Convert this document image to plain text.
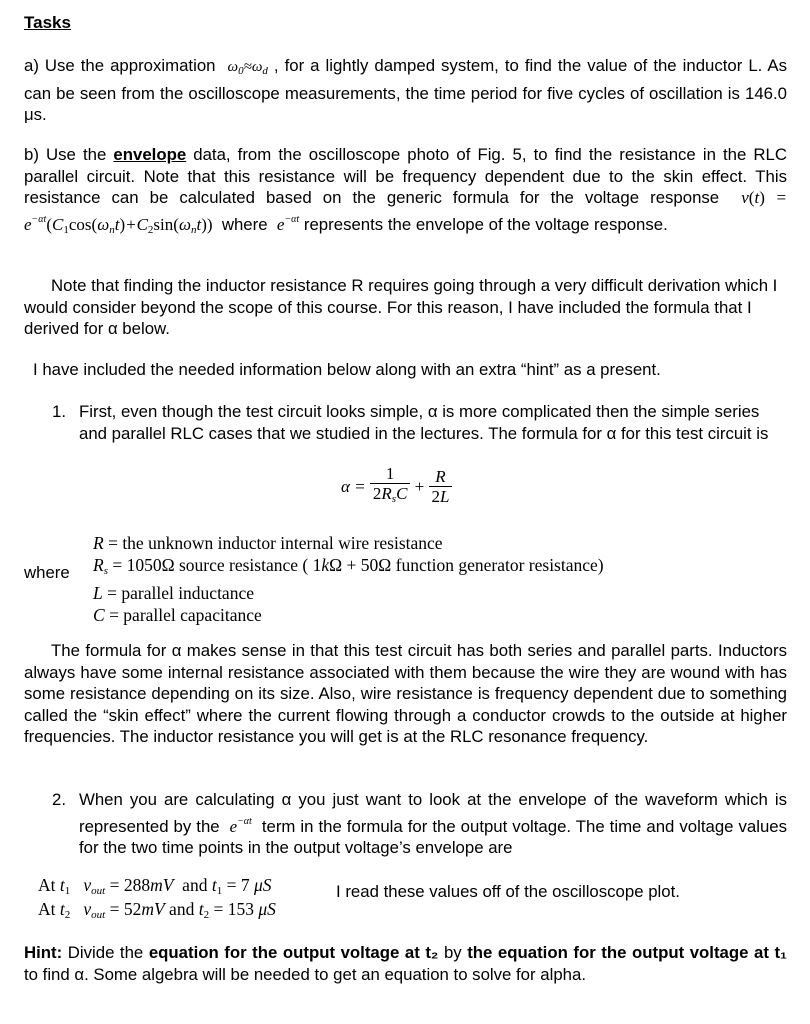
Tasks
a) Use the approximation $\omega_0\approx\omega_d$ , for a lightly damped system, to find the value of the inductor L. As can be seen from the oscilloscope measurements, the time period for five cycles of oscillation is 146.0 μs.
b) Use the envelope data, from the oscilloscope photo of Fig. 5, to find the resistance in the RLC parallel circuit. Note that this resistance will be frequency dependent due to the skin effect. This resistance can be calculated based on the generic formula for the voltage response $v(t) = e^{-\alpha t}(C_1\cos(\omega_nt)+C_2\sin(\omega_nt))$ where $e^{-\alpha t}$ represents the envelope of the voltage response.
Note that finding the inductor resistance R requires going through a very difficult derivation which I would consider beyond the scope of this course. For this reason, I have included the formula that I derived for α below.
I have included the needed information below along with an extra “hint” as a present.
1. First, even though the test circuit looks simple, α is more complicated then the simple series and parallel RLC cases that we studied in the lectures. The formula for α for this test circuit is
$\alpha = \frac{1}{2R_sC} + \frac{R}{2L}$
where
R = the unknown inductor internal wire resistance
$R_s = 1050\Omega$ source resistance ( 1kΩ + 50Ω function generator resistance)
L = parallel inductance
C = parallel capacitance
The formula for α makes sense in that this test circuit has both series and parallel parts. Inductors always have some internal resistance associated with them because the wire they are wound with has some resistance depending on its size. Also, wire resistance is frequency dependent due to something called the “skin effect” where the current flowing through a conductor crowds to the outside at higher frequencies. The inductor resistance you will get is at the RLC resonance frequency.
2. When you are calculating α you just want to look at the envelope of the waveform which is represented by the $e^{-\alpha t}$ term in the formula for the output voltage. The time and voltage values for the two time points in the output voltage’s envelope are
At $t_1$ $v_{out} = 288mV$  and $t_1 = 7$ μS
At $t_2$ $v_{out} = 52mV$ and $t_2 = 153$ μS
I read these values off of the oscilloscope plot.
Hint: Divide the equation for the output voltage at t₂ by the equation for the output voltage at t₁ to find α. Some algebra will be needed to get an equation to solve for alpha.
